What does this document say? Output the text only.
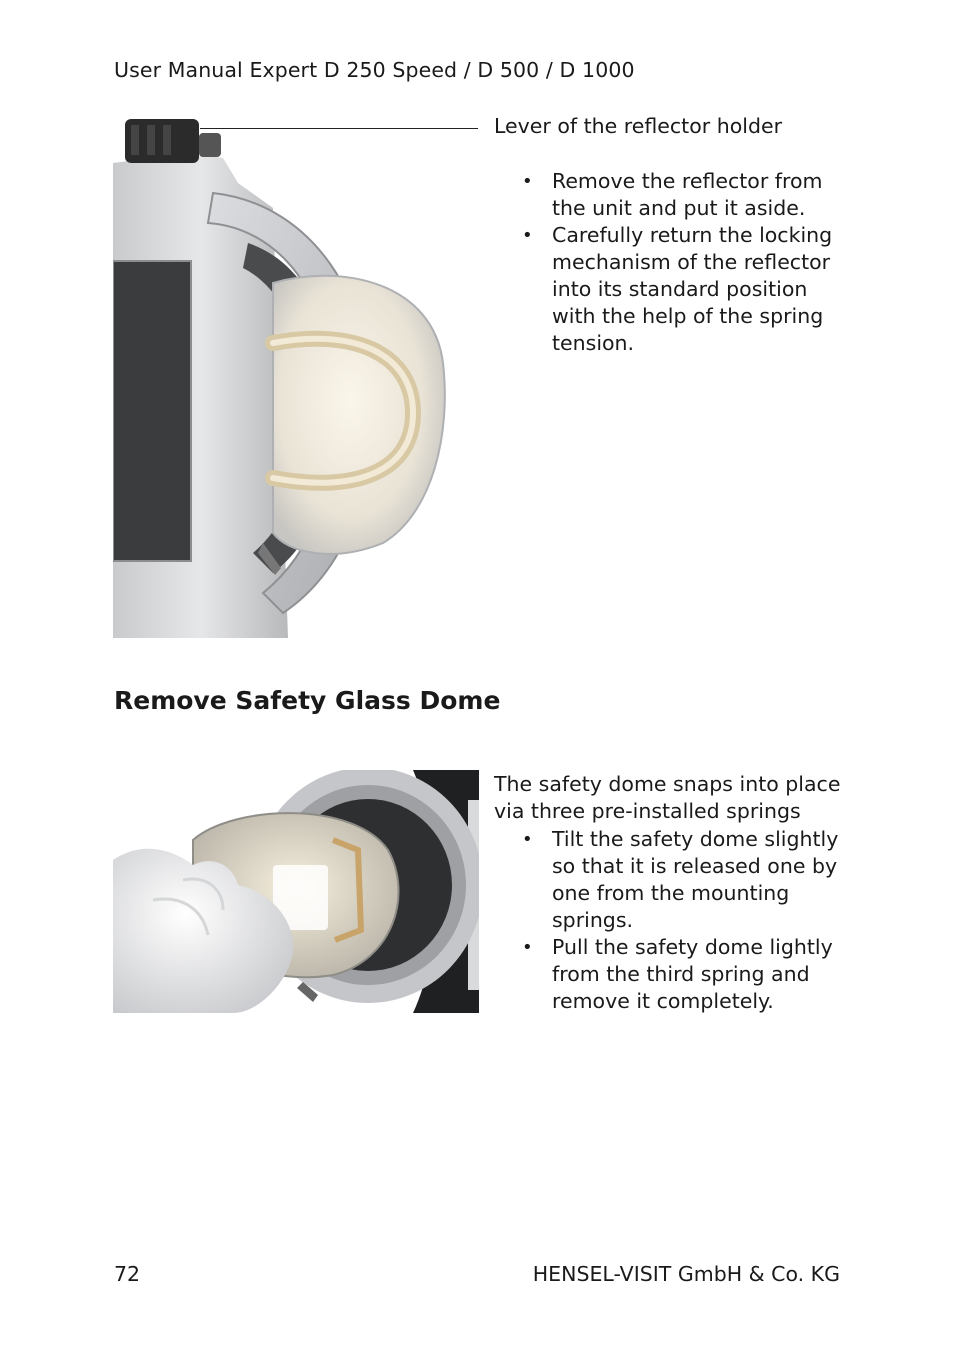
User Manual Expert D 250 Speed / D 500 / D 1000
Lever of the reflector holder
• Remove the reflector from the unit and put it aside.
• Carefully return the locking mechanism of the reflector into its standard position with the help of the spring tension.
Remove Safety Glass Dome
The safety dome snaps into place via three pre-installed springs
• Tilt the safety dome slightly so that it is released one by one from the mounting springs.
• Pull the safety dome lightly from the third spring and remove it completely.
72	HENSEL-VISIT GmbH & Co. KG
